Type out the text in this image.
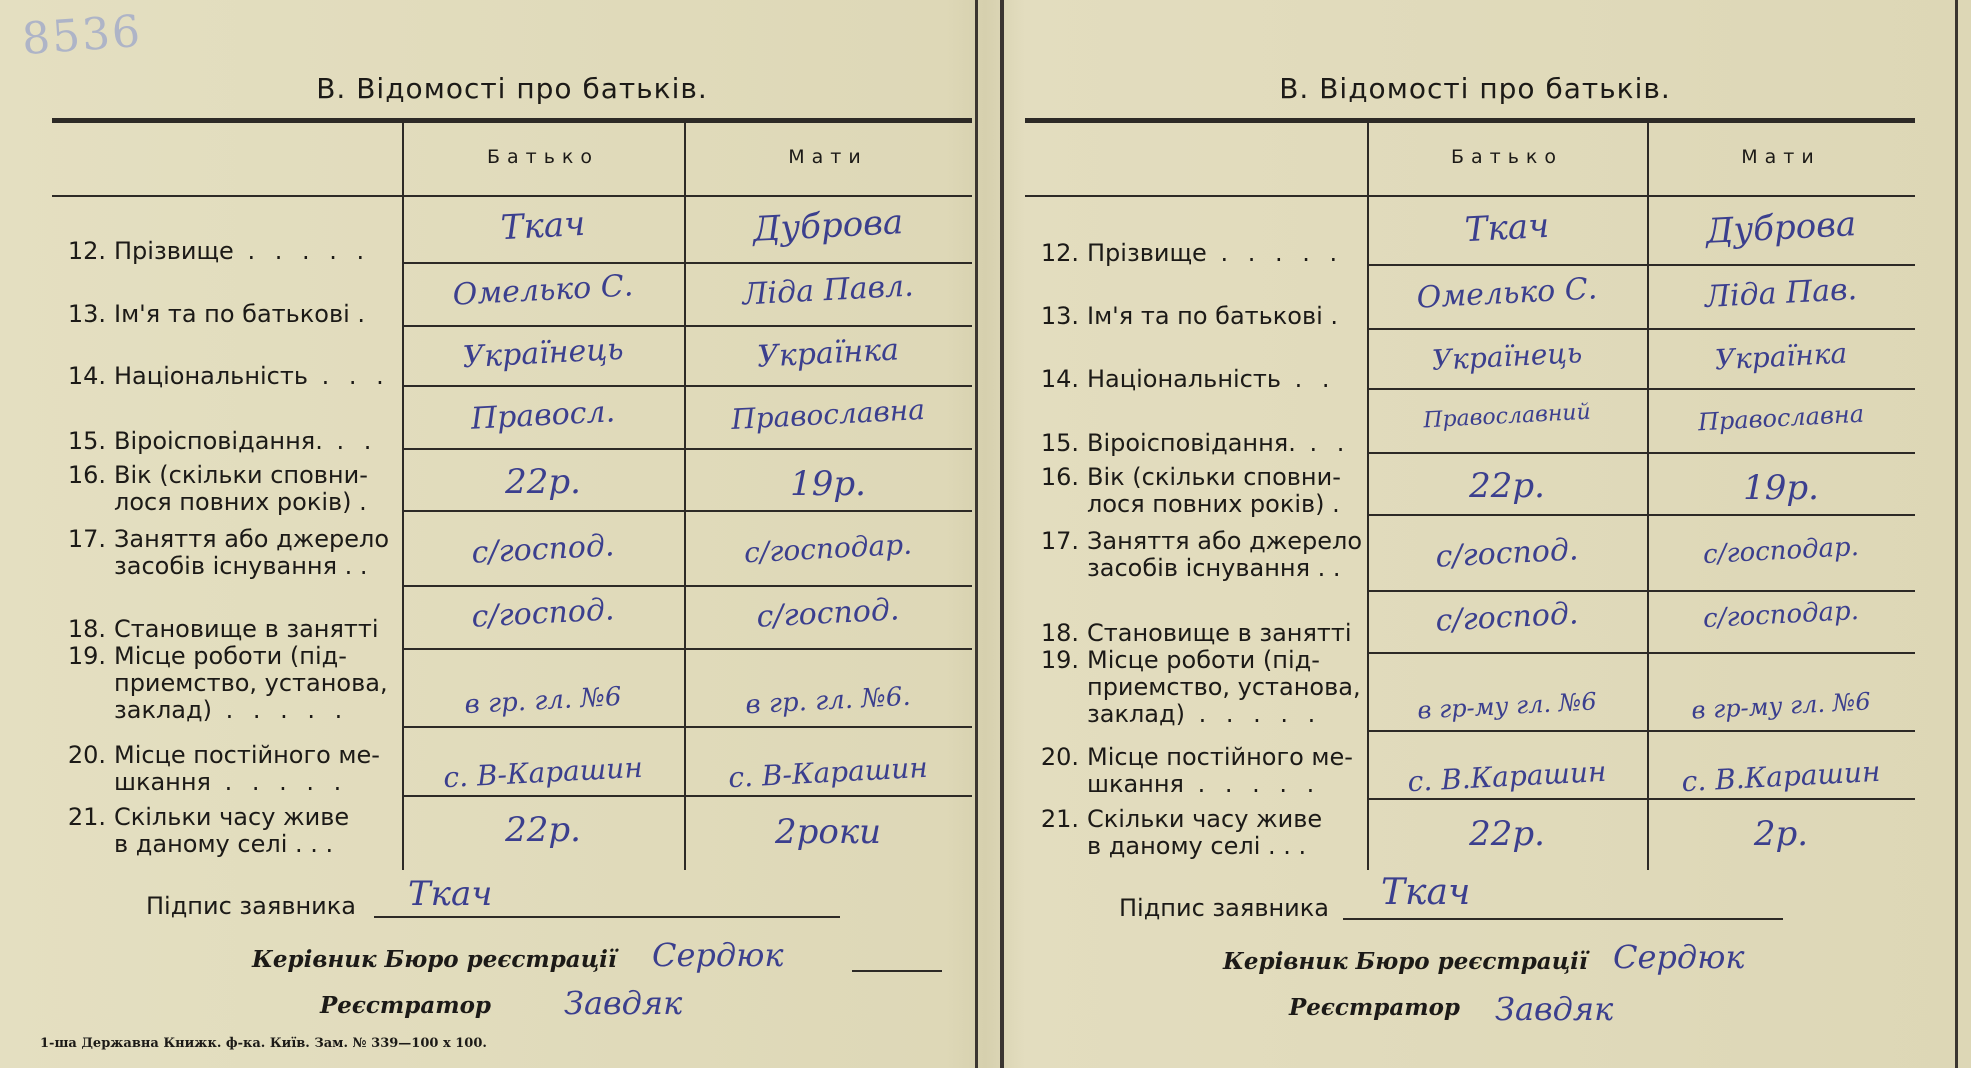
8536
В. Відомості про батьків.
Батько	Мати
12. Прізвище . . . . .
13. Ім'я та по батькові .
14. Національність . . .
15. Віроісповідання. . .
16. Вік (скільки сповни-
лося повних років) .
17. Заняття або джерело
засобів існування . .
18. Становище в занятті
19. Місце роботи (під-
приемство, установа,
заклад) . . . . .
20. Місце постійного ме-
шкання . . . . .
21. Скільки часу живе
в даному селі . . .
Ткач
Омелько С.
Українець
Правосл.
22р.
с/господ.
с/господ.
в гр. гл. №6
с. В-Карашин
22р.
Дуброва
Ліда Павл.
Українка
Православна
19р.
с/господар.
с/господ.
в гр. гл. №6.
с. В-Карашин
2роки
Підпис заявника Ткач
Керівник Бюро реєстрації Сердюк
Реєстратор Завдяк
1-ша Державна Книжк. ф-ка. Київ. Зам. № 339—100 х 100.
В. Відомості про батьків.
Батько	Мати
12. Прізвище . . . . .
13. Ім'я та по батькові .
14. Національність . .
15. Віроісповідання. . .
16. Вік (скільки сповни-
лося повних років) .
17. Заняття або джерело
засобів існування . .
18. Становище в занятті
19. Місце роботи (під-
приемство, установа,
заклад) . . . . .
20. Місце постійного ме-
шкання . . . . .
21. Скільки часу живе
в даному селі . . .
Ткач
Омелько С.
Українець
Православний
22р.
с/господ.
с/господ.
в гр-му гл. №6
с. В.Карашин
22р.
Дуброва
Ліда Пав.
Українка
Православна
19р.
с/господар.
с/господар.
в гр-му гл. №6
с. В.Карашин
2р.
Підпис заявника Ткач
Керівник Бюро реєстрації Сердюк
Реєстратор Завдяк
